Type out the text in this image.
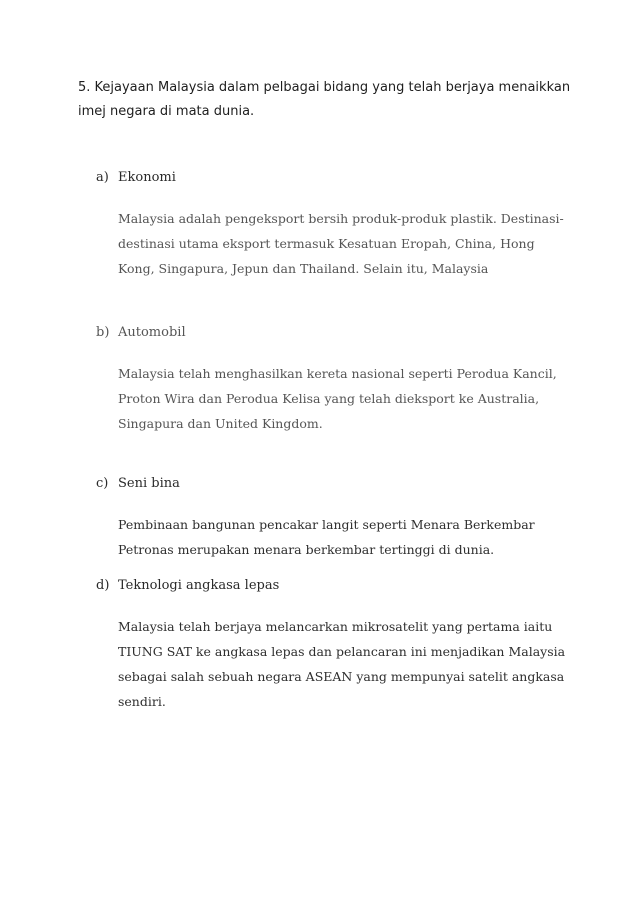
5. Kejayaan Malaysia dalam pelbagai bidang yang telah berjaya menaikkan
imej negara di mata dunia.
a) Ekonomi
Malaysia adalah pengeksport bersih produk-produk plastik. Destinasi-
destinasi utama eksport termasuk Kesatuan Eropah, China, Hong
Kong, Singapura, Jepun dan Thailand. Selain itu, Malaysia
b) Automobil
Malaysia telah menghasilkan kereta nasional seperti Perodua Kancil,
Proton Wira dan Perodua Kelisa yang telah dieksport ke Australia,
Singapura dan United Kingdom.
c) Seni bina
Pembinaan bangunan pencakar langit seperti Menara Berkembar
Petronas merupakan menara berkembar tertinggi di dunia.
d) Teknologi angkasa lepas
Malaysia telah berjaya melancarkan mikrosatelit yang pertama iaitu
TIUNG SAT ke angkasa lepas dan pelancaran ini menjadikan Malaysia
sebagai salah sebuah negara ASEAN yang mempunyai satelit angkasa
sendiri.
